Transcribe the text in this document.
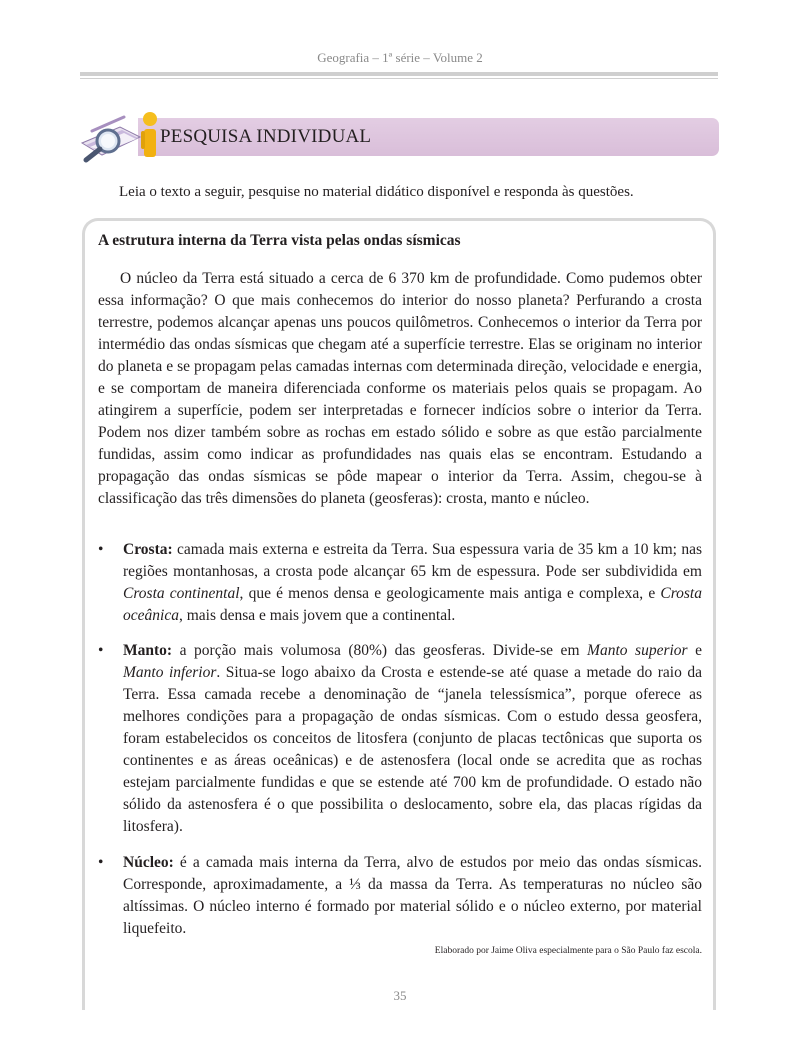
Geografia – 1ª série – Volume 2
PESQUISA INDIVIDUAL
Leia o texto a seguir, pesquise no material didático disponível e responda às questões.
A estrutura interna da Terra vista pelas ondas sísmicas

O núcleo da Terra está situado a cerca de 6 370 km de profundidade. Como pudemos obter essa informação? O que mais conhecemos do interior do nosso planeta? Perfurando a crosta terrestre, podemos alcançar apenas uns poucos quilômetros. Conhecemos o interior da Terra por intermédio das ondas sísmicas que chegam até a superfície terrestre. Elas se originam no interior do planeta e se propagam pelas camadas internas com determinada direção, velocidade e energia, e se comportam de maneira diferenciada conforme os materiais pelos quais se propagam. Ao atingirem a superfície, podem ser interpretadas e fornecer indícios sobre o interior da Terra. Podem nos dizer também sobre as rochas em estado sólido e sobre as que estão parcialmente fundidas, assim como indicar as profundidades nas quais elas se encontram. Estudando a propagação das ondas sísmicas se pôde mapear o interior da Terra. Assim, chegou-se à classificação das três dimensões do planeta (geosferas): crosta, manto e núcleo.

• Crosta: camada mais externa e estreita da Terra. Sua espessura varia de 35 km a 10 km; nas regiões montanhosas, a crosta pode alcançar 65 km de espessura. Pode ser subdividida em Crosta continental, que é menos densa e geologicamente mais antiga e complexa, e Crosta oceânica, mais densa e mais jovem que a continental.

• Manto: a porção mais volumosa (80%) das geosferas. Divide-se em Manto superior e Manto inferior. Situa-se logo abaixo da Crosta e estende-se até quase a metade do raio da Terra. Essa camada recebe a denominação de “janela telessísmica”, porque oferece as melhores condições para a propagação de ondas sísmicas. Com o estudo dessa geosfera, foram estabelecidos os conceitos de litosfera (conjunto de placas tectônicas que suporta os continentes e as áreas oceânicas) e de astenosfera (local onde se acredita que as rochas estejam parcialmente fundidas e que se estende até 700 km de profundidade. O estado não sólido da astenosfera é o que possibilita o deslocamento, sobre ela, das placas rígidas da litosfera).

• Núcleo: é a camada mais interna da Terra, alvo de estudos por meio das ondas sísmicas. Corresponde, aproximadamente, a ⅓ da massa da Terra. As temperaturas no núcleo são altíssimas. O núcleo interno é formado por material sólido e o núcleo externo, por material liquefeito.

Elaborado por Jaime Oliva especialmente para o São Paulo faz escola.
35
